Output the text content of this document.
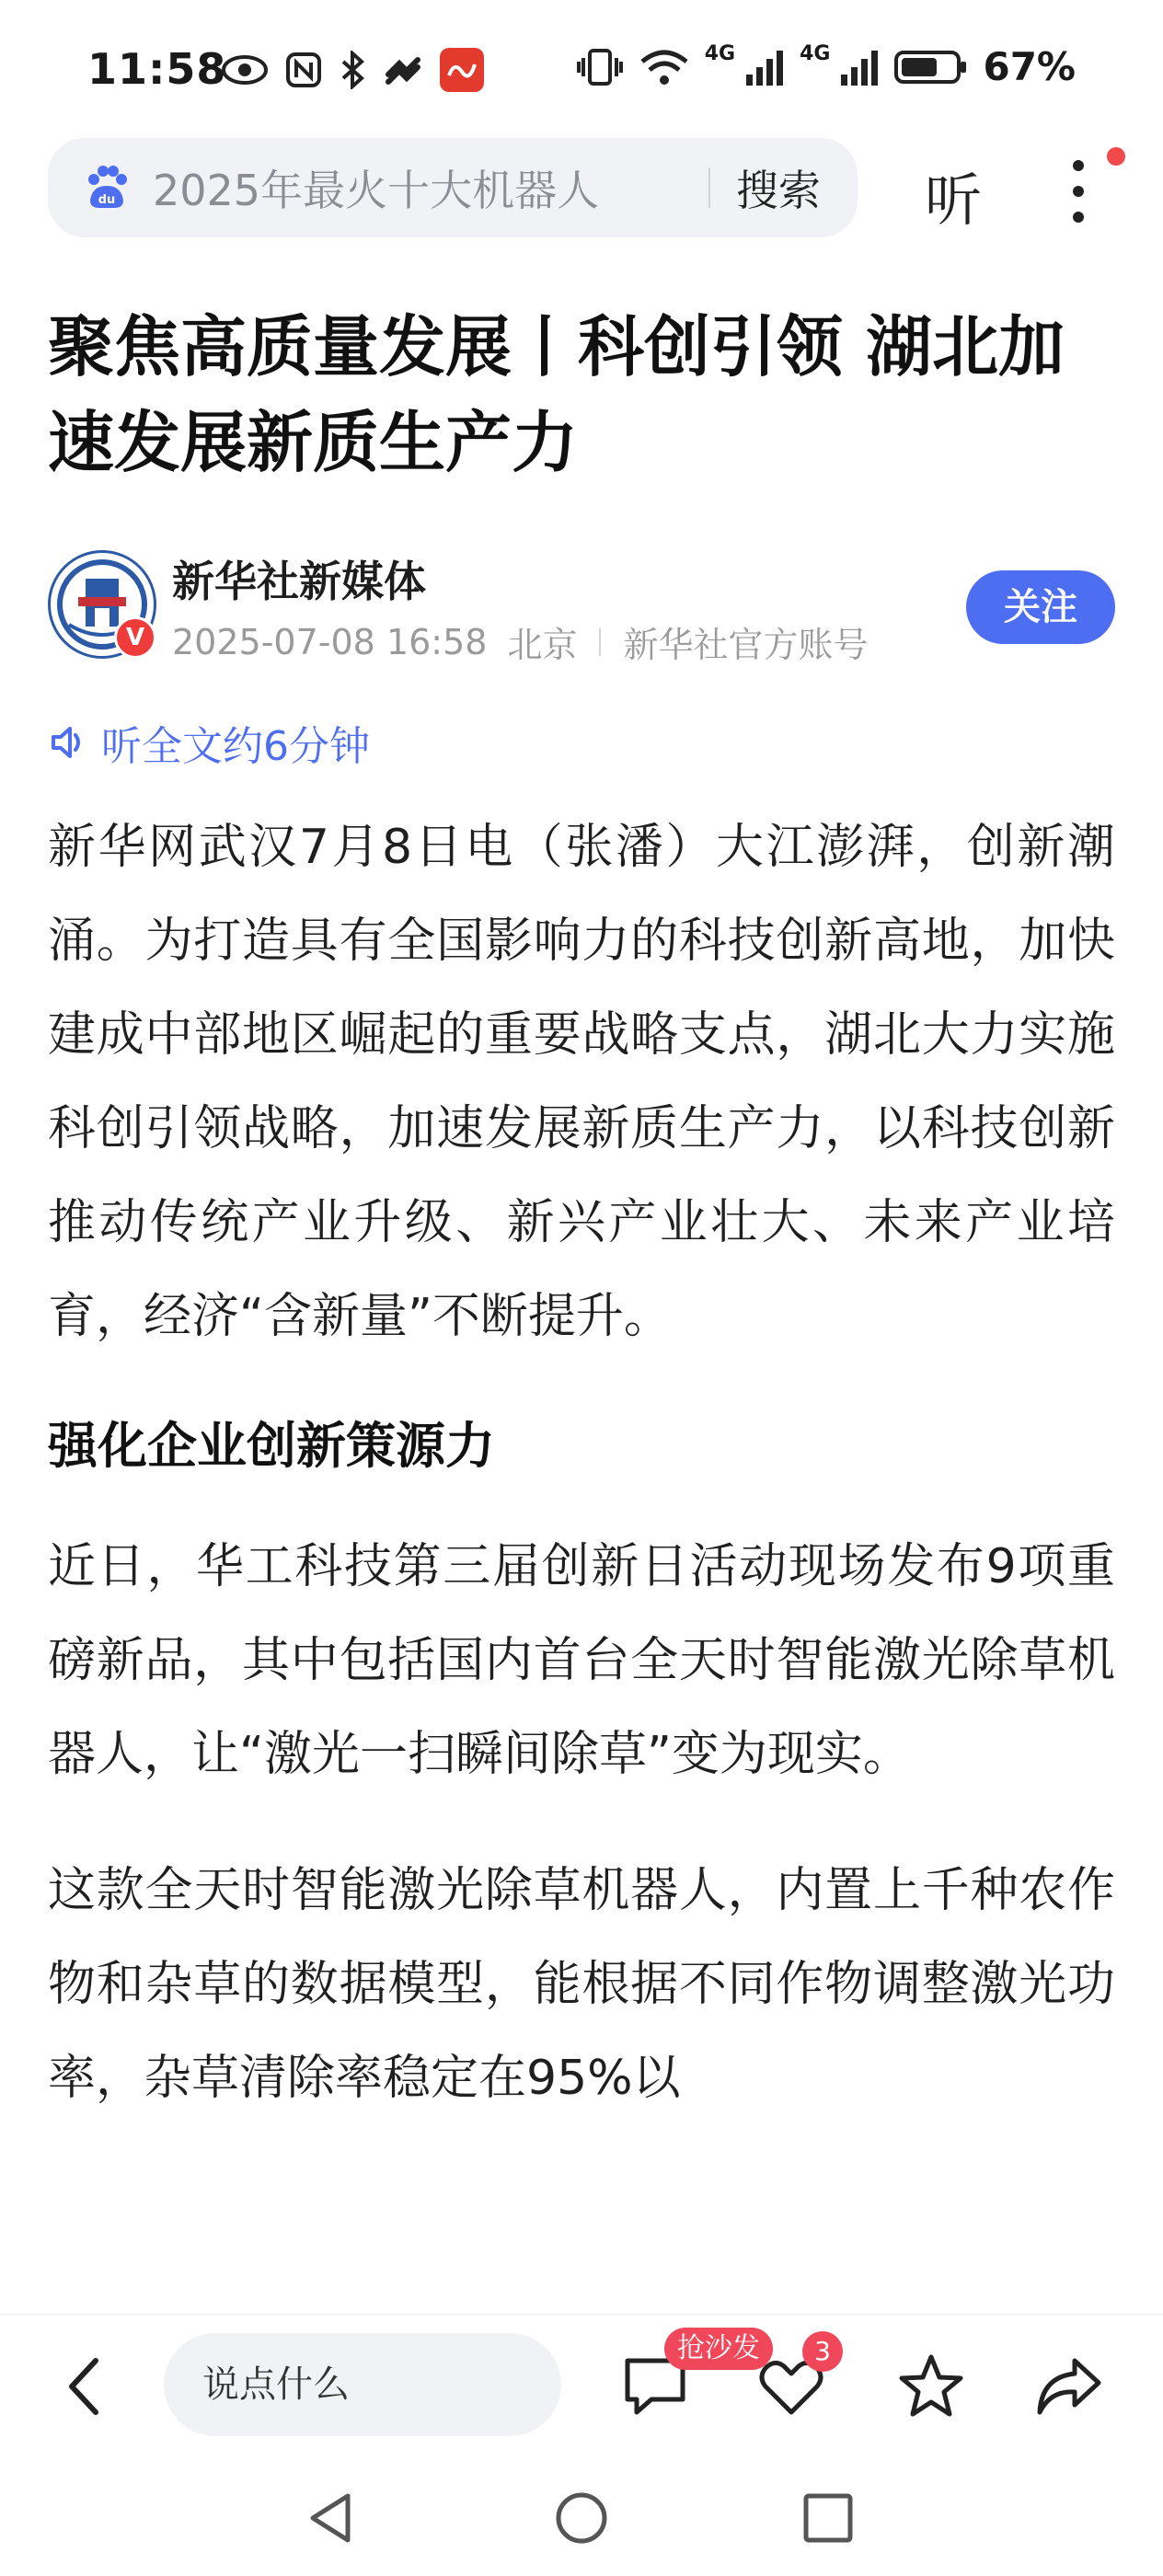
11:58	4G	4G	67%
du 2025年最火十大机器人	搜索 听
聚焦高质量发展丨科创引领 湖北加速发展新质生产力
V
新华社新媒体
2025-07-08 16:58 北京 新华社官方账号
关注
听全文约6分钟

新华网武汉7月8日电（张潘）大江澎湃，创新潮涌。为打造具有全国影响力的科技创新高地，加快建成中部地区崛起的重要战略支点，湖北大力实施科创引领战略，加速发展新质生产力，以科技创新推动传统产业升级、新兴产业壮大、未来产业培育，经济“含新量”不断提升。

强化企业创新策源力

近日，华工科技第三届创新日活动现场发布9项重磅新品，其中包括国内首台全天时智能激光除草机器人，让“激光一扫瞬间除草”变为现实。

这款全天时智能激光除草机器人，内置上千种农作物和杂草的数据模型，能根据不同作物调整激光功率，杂草清除率稳定在95%以

说点什么
抢沙发	3
